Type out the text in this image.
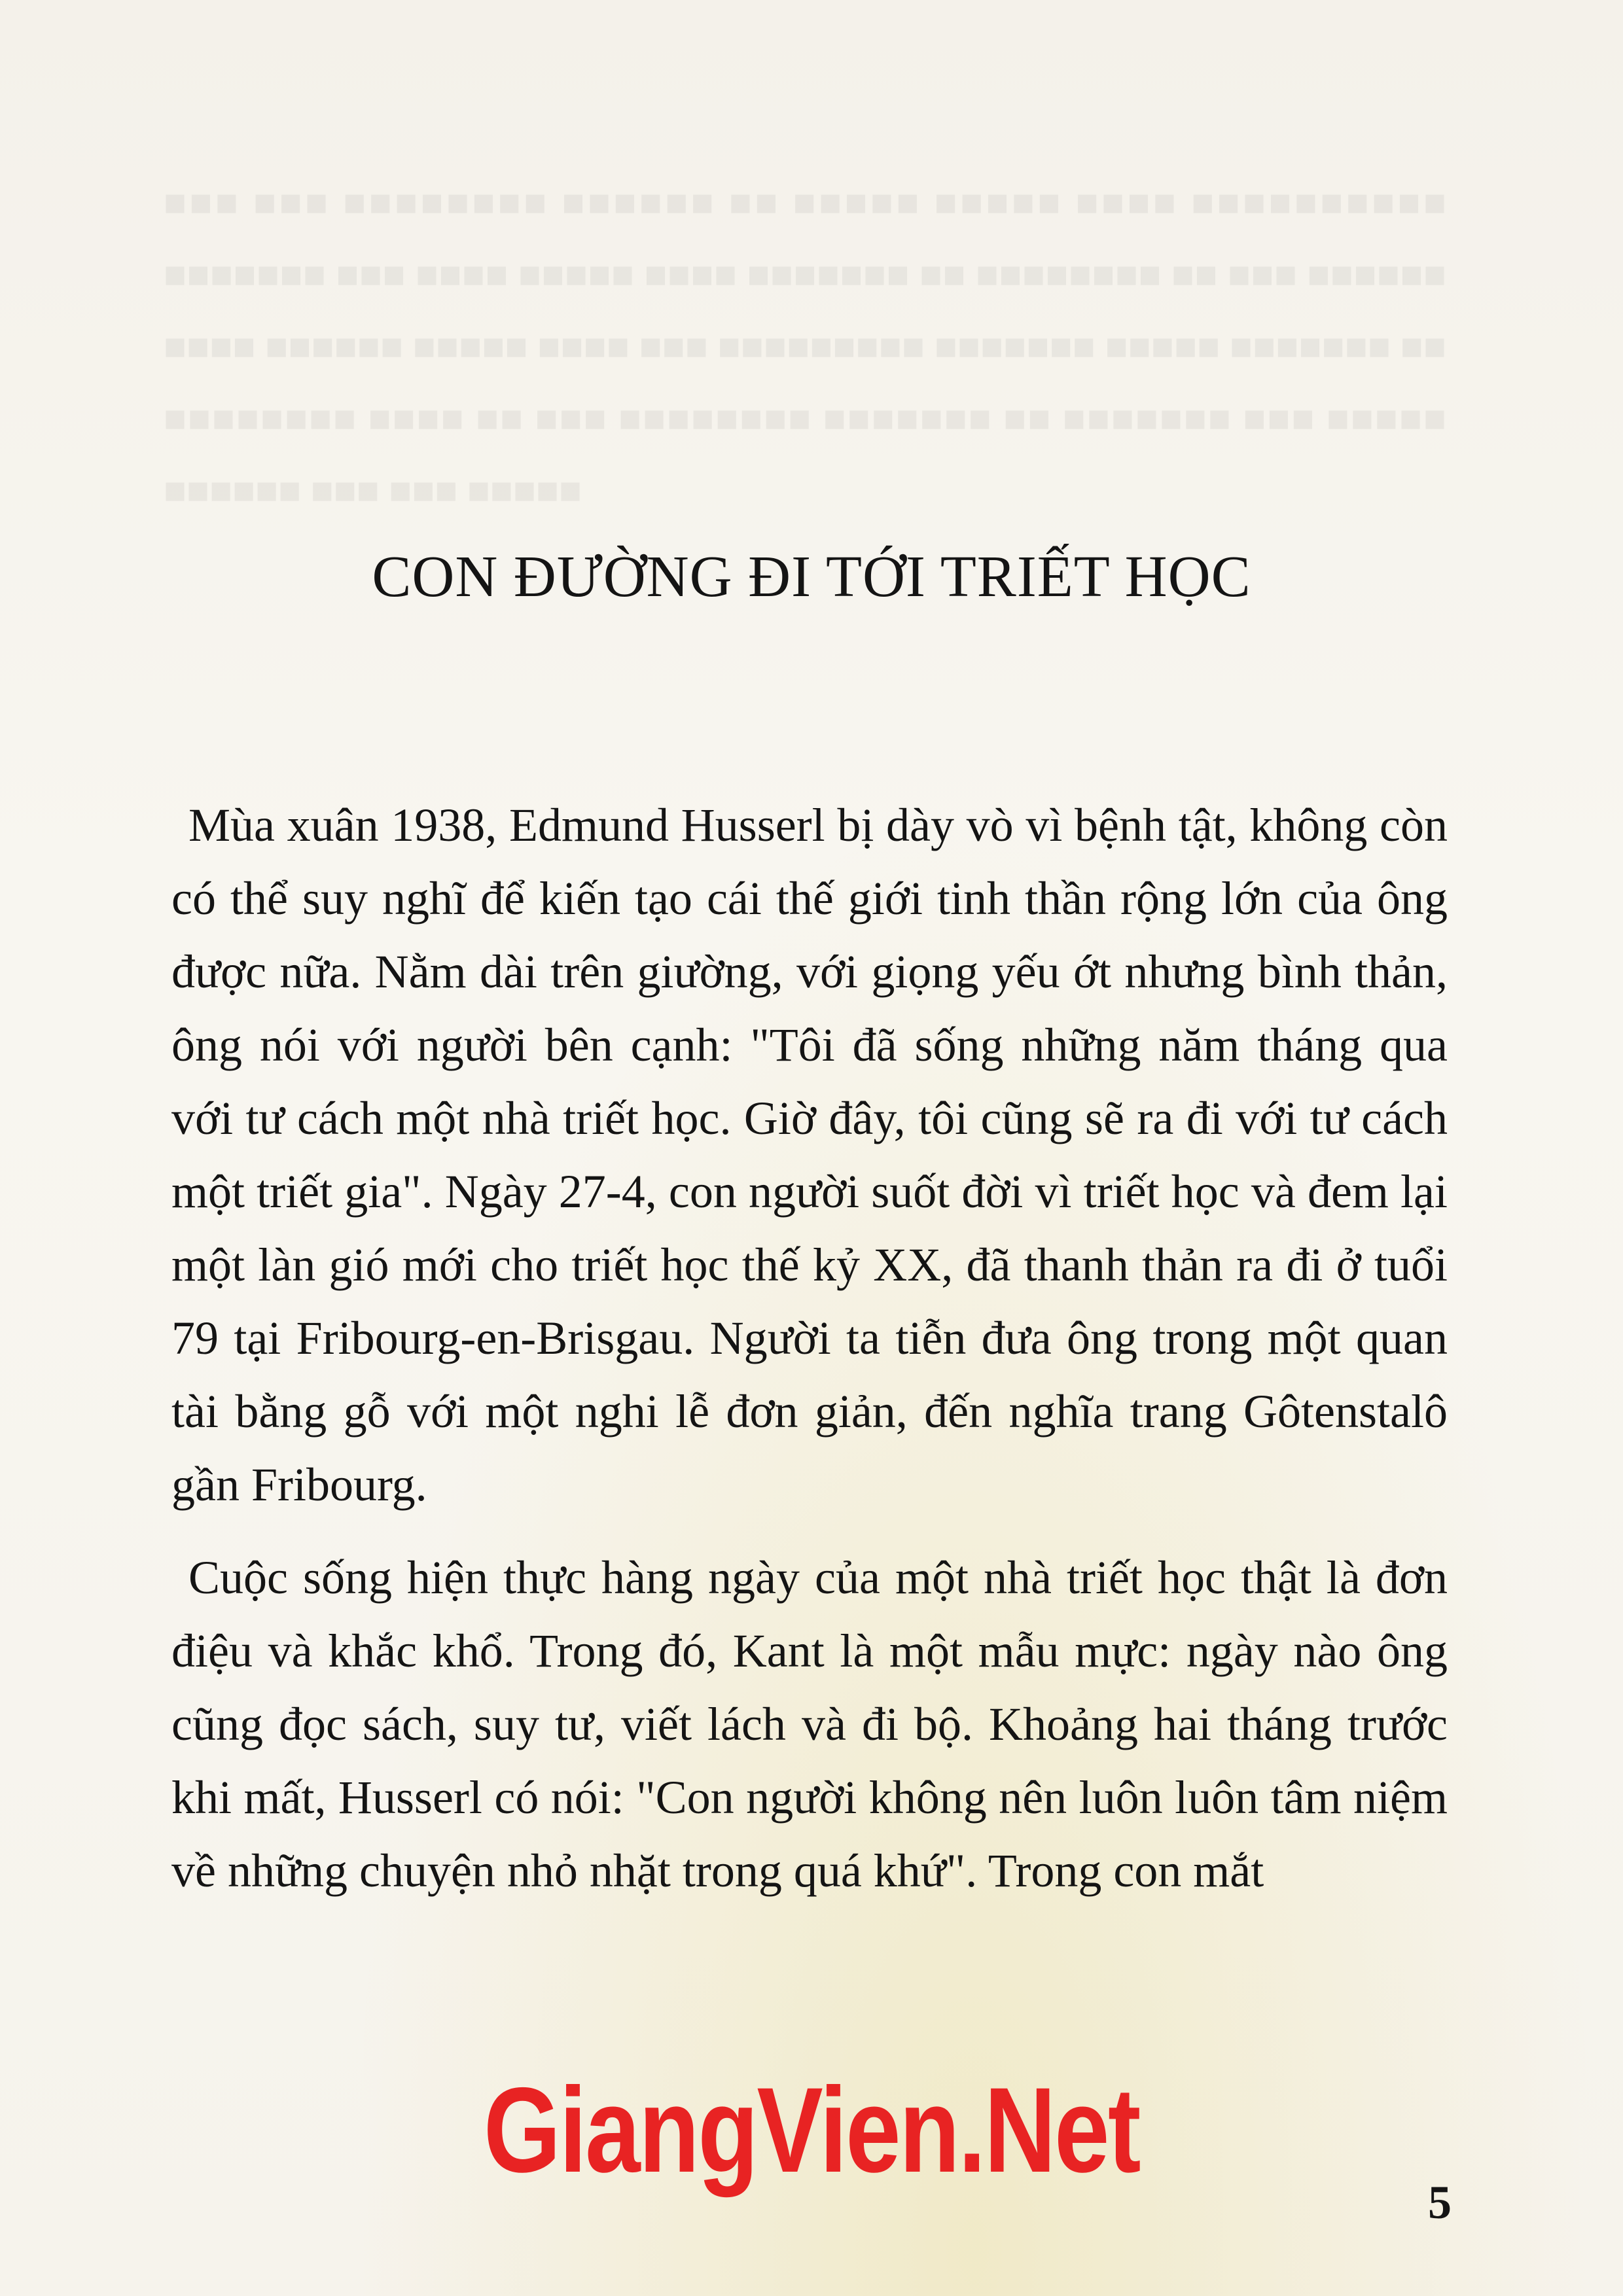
■■■ ■■■ ■■■■■■■■ ■■■■■■ ■■ ■■■■■ ■■■■■ ■■■■ ■■■■■■■■■■ ■■■■■■■ ■■■ ■■■■ ■■■■■ ■■■■ ■■■■■■■ ■■ ■■■■■■■■ ■■ ■■■ ■■■■■■ ■■■■ ■■■■■■ ■■■■■ ■■■■ ■■■ ■■■■■■■■■ ■■■■■■■ ■■■■■ ■■■■■■■ ■■ ■■■■■■■■ ■■■■ ■■ ■■■ ■■■■■■■■ ■■■■■■■ ■■ ■■■■■■■ ■■■ ■■■■■ ■■■■■■ ■■■ ■■■ ■■■■■
CON ĐƯỜNG ĐI TỚI TRIẾT HỌC

Mùa xuân 1938, Edmund Husserl bị dày vò vì bệnh tật, không còn có thể suy nghĩ để kiến tạo cái thế giới tinh thần rộng lớn của ông được nữa. Nằm dài trên giường, với giọng yếu ớt nhưng bình thản, ông nói với người bên cạnh: "Tôi đã sống những năm tháng qua với tư cách một nhà triết học. Giờ đây, tôi cũng sẽ ra đi với tư cách một triết gia". Ngày 27-4, con người suốt đời vì triết học và đem lại một làn gió mới cho triết học thế kỷ XX, đã thanh thản ra đi ở tuổi 79 tại Fribourg-en-Brisgau. Người ta tiễn đưa ông trong một quan tài bằng gỗ với một nghi lễ đơn giản, đến nghĩa trang Gôtenstalô gần Fribourg.

Cuộc sống hiện thực hàng ngày của một nhà triết học thật là đơn điệu và khắc khổ. Trong đó, Kant là một mẫu mực: ngày nào ông cũng đọc sách, suy tư, viết lách và đi bộ. Khoảng hai tháng trước khi mất, Husserl có nói: "Con người không nên luôn luôn tâm niệm về những chuyện nhỏ nhặt trong quá khứ". Trong con mắt

GiangVien.Net
5
